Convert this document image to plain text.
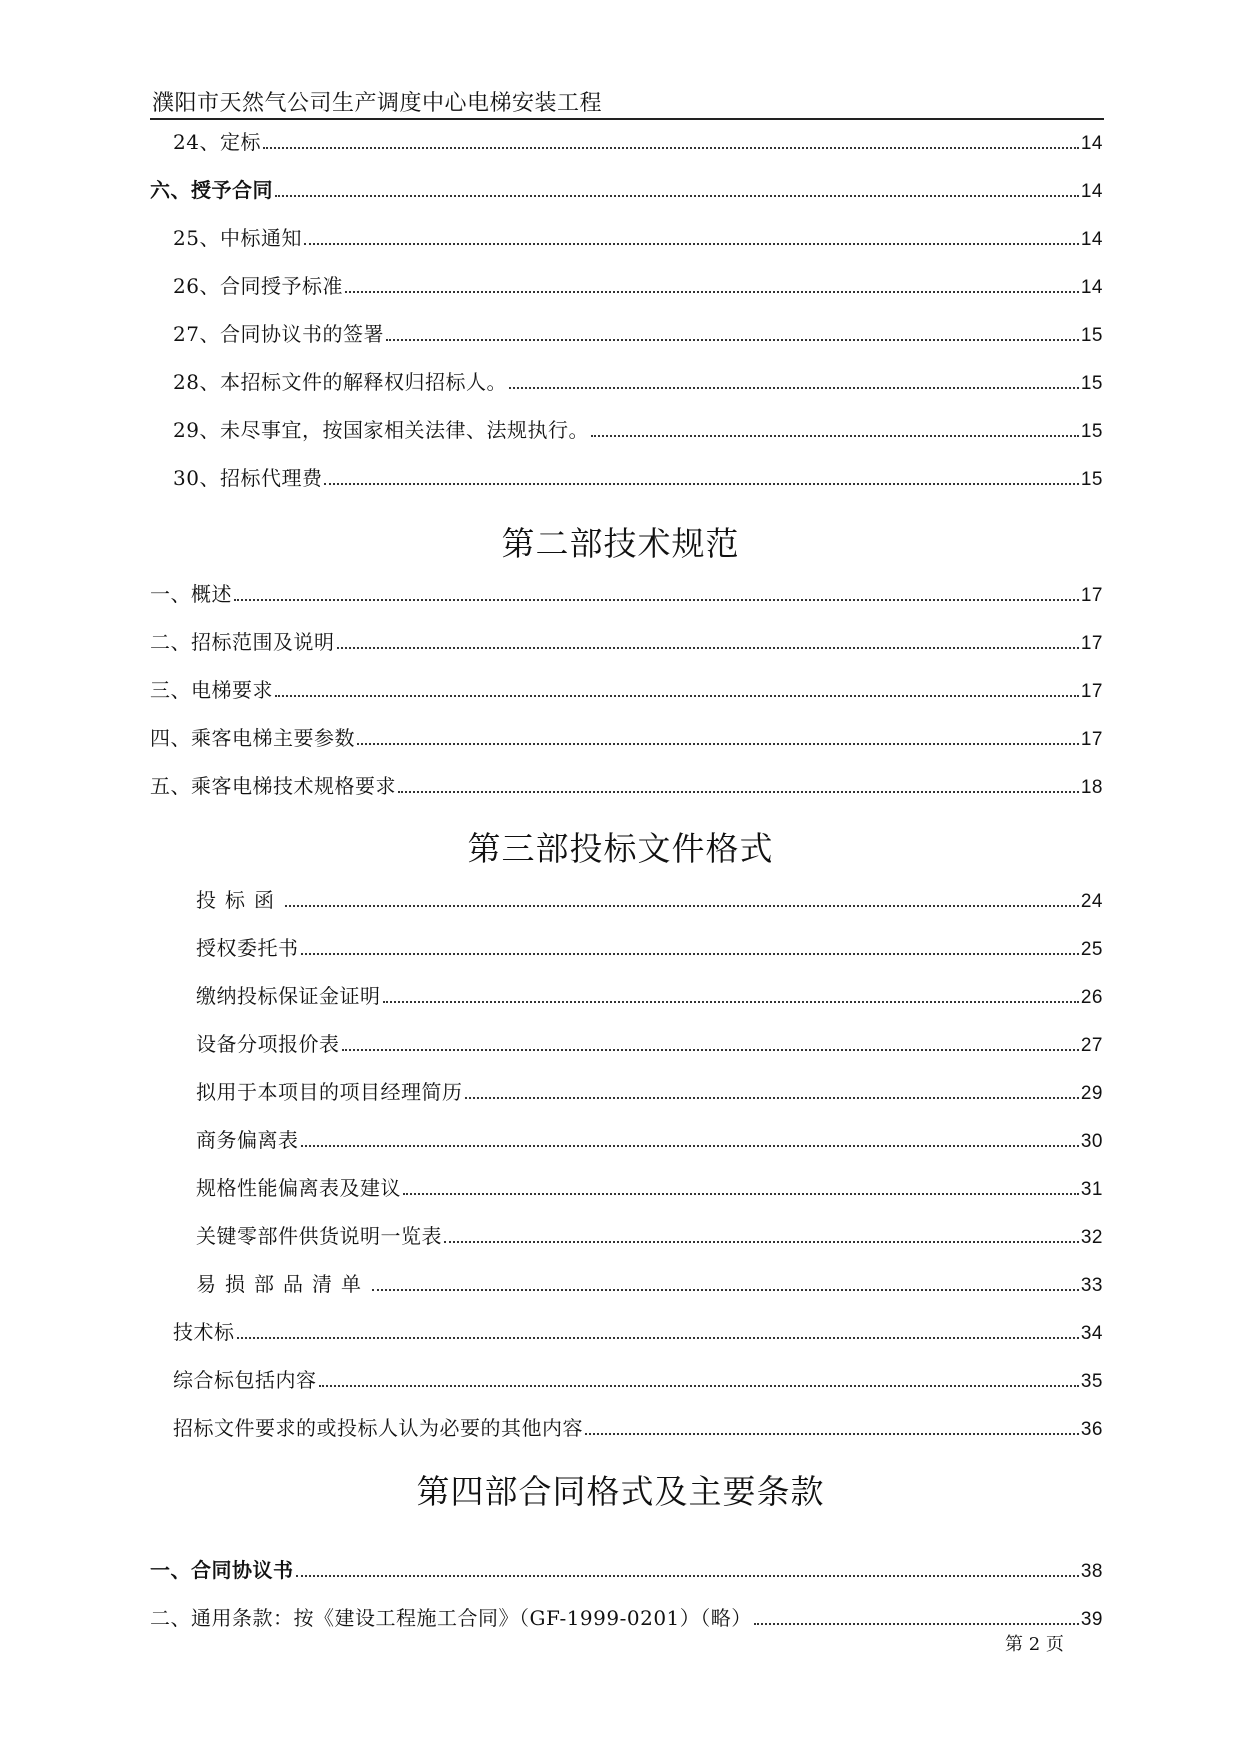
濮阳市天然气公司生产调度中心电梯安装工程
24、定标	14
六、授予合同	14
25、中标通知	14
26、合同授予标准	14
27、合同协议书的签署	15
28、本招标文件的解释权归招标人。	15
29、未尽事宜，按国家相关法律、法规执行。	15
30、招标代理费	15
第二部技术规范
一、概述	17
二、招标范围及说明	17
三、电梯要求	17
四、乘客电梯主要参数	17
五、乘客电梯技术规格要求	18
第三部投标文件格式
投标函	24
授权委托书	25
缴纳投标保证金证明	26
设备分项报价表	27
拟用于本项目的项目经理简历	29
商务偏离表	30
规格性能偏离表及建议	31
关键零部件供货说明一览表	32
易损部品清单	33
技术标	34
综合标包括内容	35
招标文件要求的或投标人认为必要的其他内容	36
第四部合同格式及主要条款
一、合同协议书	38
二、通用条款：按《建设工程施工合同》（GF-1999-0201）（略）	39
第 2 页
